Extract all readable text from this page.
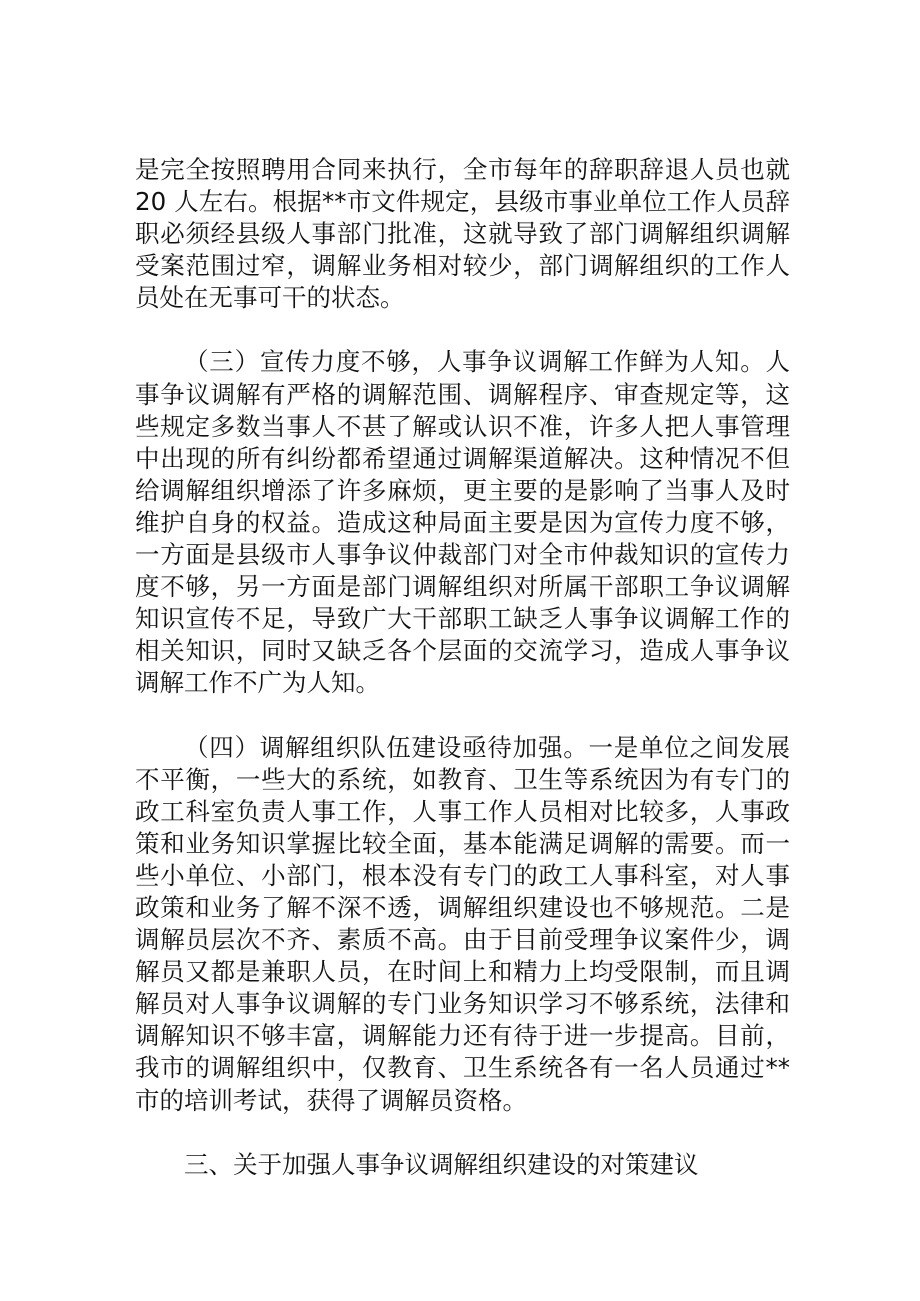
是完全按照聘用合同来执行，全市每年的辞职辞退人员也就 20 人左右。根据**市文件规定，县级市事业单位工作人员辞职必须经县级人事部门批准，这就导致了部门调解组织调解受案范围过窄，调解业务相对较少，部门调解组织的工作人员处在无事可干的状态。

（三）宣传力度不够，人事争议调解工作鲜为人知。人事争议调解有严格的调解范围、调解程序、审查规定等，这些规定多数当事人不甚了解或认识不准，许多人把人事管理中出现的所有纠纷都希望通过调解渠道解决。这种情况不但给调解组织增添了许多麻烦，更主要的是影响了当事人及时维护自身的权益。造成这种局面主要是因为宣传力度不够，一方面是县级市人事争议仲裁部门对全市仲裁知识的宣传力度不够，另一方面是部门调解组织对所属干部职工争议调解知识宣传不足，导致广大干部职工缺乏人事争议调解工作的相关知识，同时又缺乏各个层面的交流学习，造成人事争议调解工作不广为人知。

（四）调解组织队伍建设亟待加强。一是单位之间发展不平衡，一些大的系统，如教育、卫生等系统因为有专门的政工科室负责人事工作，人事工作人员相对比较多，人事政策和业务知识掌握比较全面，基本能满足调解的需要。而一些小单位、小部门，根本没有专门的政工人事科室，对人事政策和业务了解不深不透，调解组织建设也不够规范。二是调解员层次不齐、素质不高。由于目前受理争议案件少，调解员又都是兼职人员，在时间上和精力上均受限制，而且调解员对人事争议调解的专门业务知识学习不够系统，法律和调解知识不够丰富，调解能力还有待于进一步提高。目前，我市的调解组织中，仅教育、卫生系统各有一名人员通过**市的培训考试，获得了调解员资格。

三、关于加强人事争议调解组织建设的对策建议
